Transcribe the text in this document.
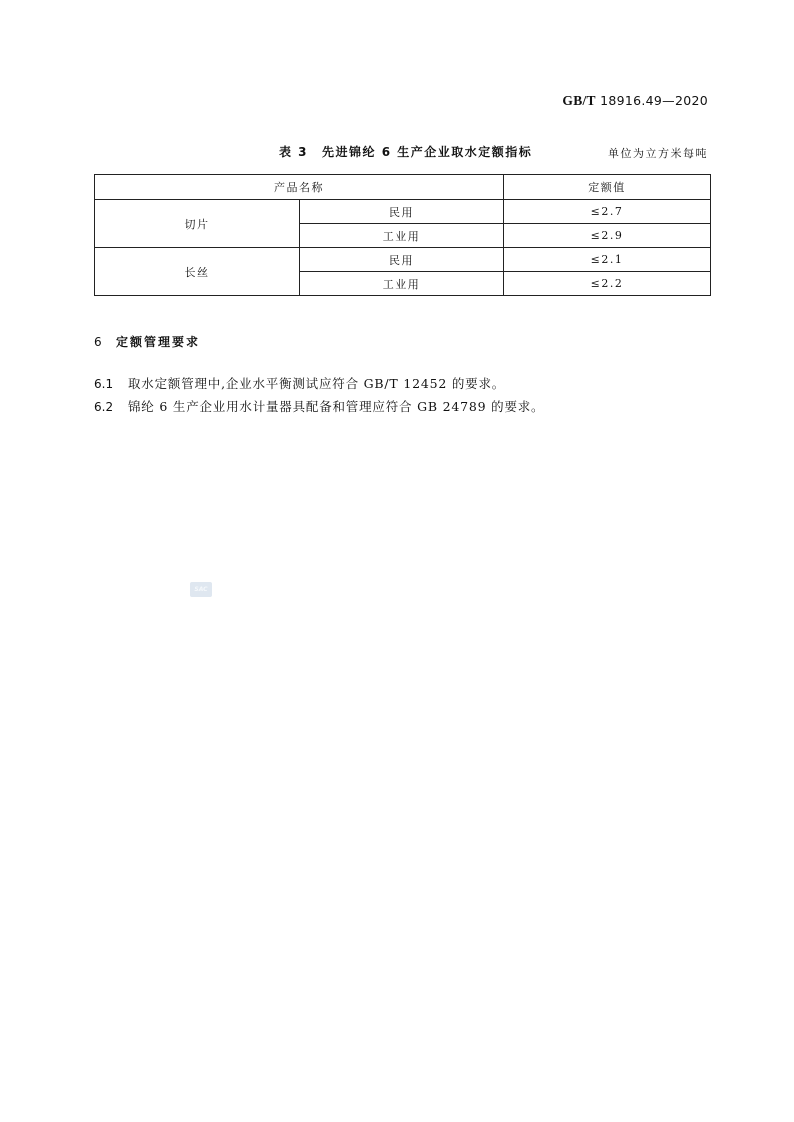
GB/T 18916.49—2020
表 3 先进锦纶 6 生产企业取水定额指标	单位为立方米每吨
产品名称		定额值
切片	民用	≤2.7
	工业用	≤2.9
长丝	民用	≤2.1
	工业用	≤2.2
6 定额管理要求
6.1 取水定额管理中,企业水平衡测试应符合 GB/T 12452 的要求。
6.2 锦纶 6 生产企业用水计量器具配备和管理应符合 GB 24789 的要求。
SAC
